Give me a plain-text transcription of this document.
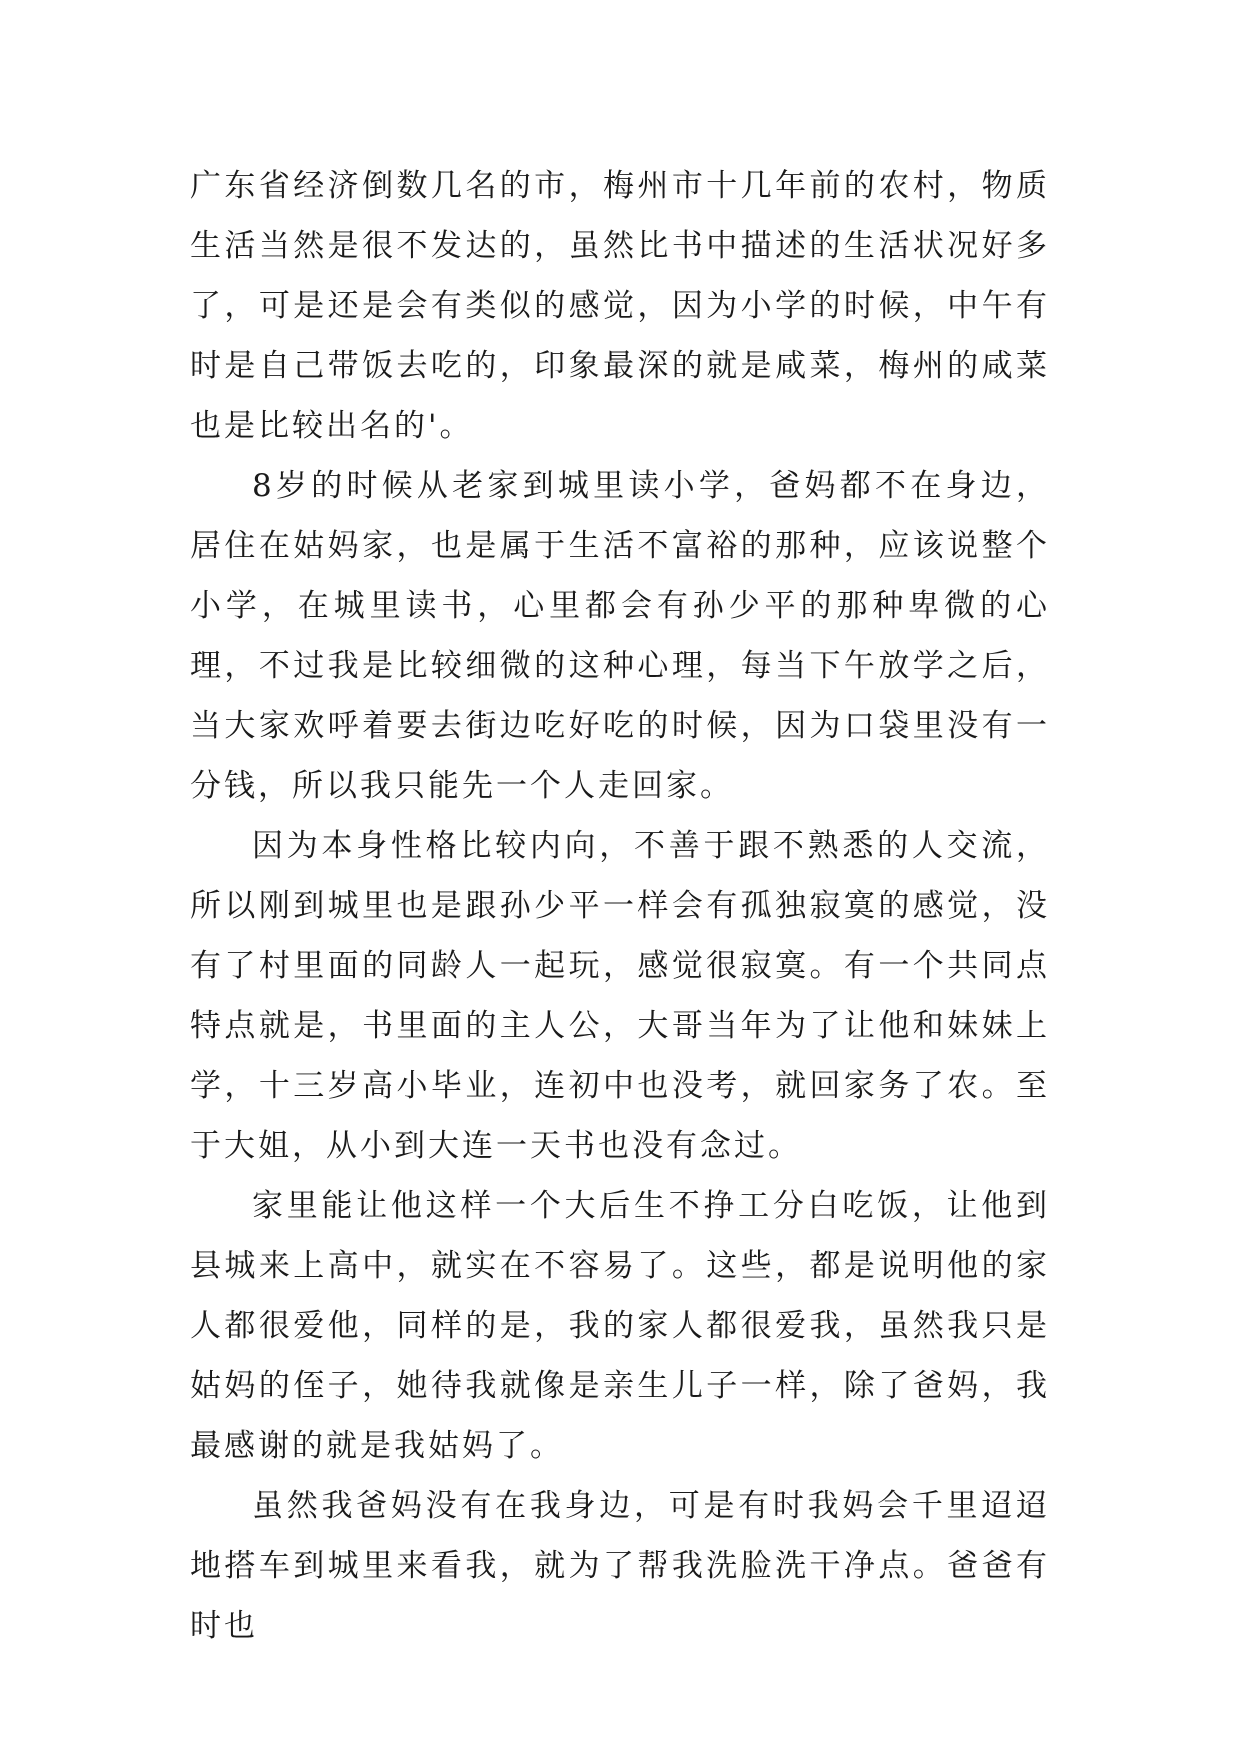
广东省经济倒数几名的市，梅州市十几年前的农村，物质生活当然是很不发达的，虽然比书中描述的生活状况好多了，可是还是会有类似的感觉，因为小学的时候，中午有时是自己带饭去吃的，印象最深的就是咸菜，梅州的咸菜也是比较出名的'。

8岁的时候从老家到城里读小学，爸妈都不在身边，居住在姑妈家，也是属于生活不富裕的那种，应该说整个小学，在城里读书，心里都会有孙少平的那种卑微的心理，不过我是比较细微的这种心理，每当下午放学之后，当大家欢呼着要去街边吃好吃的时候，因为口袋里没有一分钱，所以我只能先一个人走回家。

因为本身性格比较内向，不善于跟不熟悉的人交流，所以刚到城里也是跟孙少平一样会有孤独寂寞的感觉，没有了村里面的同龄人一起玩，感觉很寂寞。有一个共同点特点就是，书里面的主人公，大哥当年为了让他和妹妹上学，十三岁高小毕业，连初中也没考，就回家务了农。至于大姐，从小到大连一天书也没有念过。

家里能让他这样一个大后生不挣工分白吃饭，让他到县城来上高中，就实在不容易了。这些，都是说明他的家人都很爱他，同样的是，我的家人都很爱我，虽然我只是姑妈的侄子，她待我就像是亲生儿子一样，除了爸妈，我最感谢的就是我姑妈了。

虽然我爸妈没有在我身边，可是有时我妈会千里迢迢地搭车到城里来看我，就为了帮我洗脸洗干净点。爸爸有时也
